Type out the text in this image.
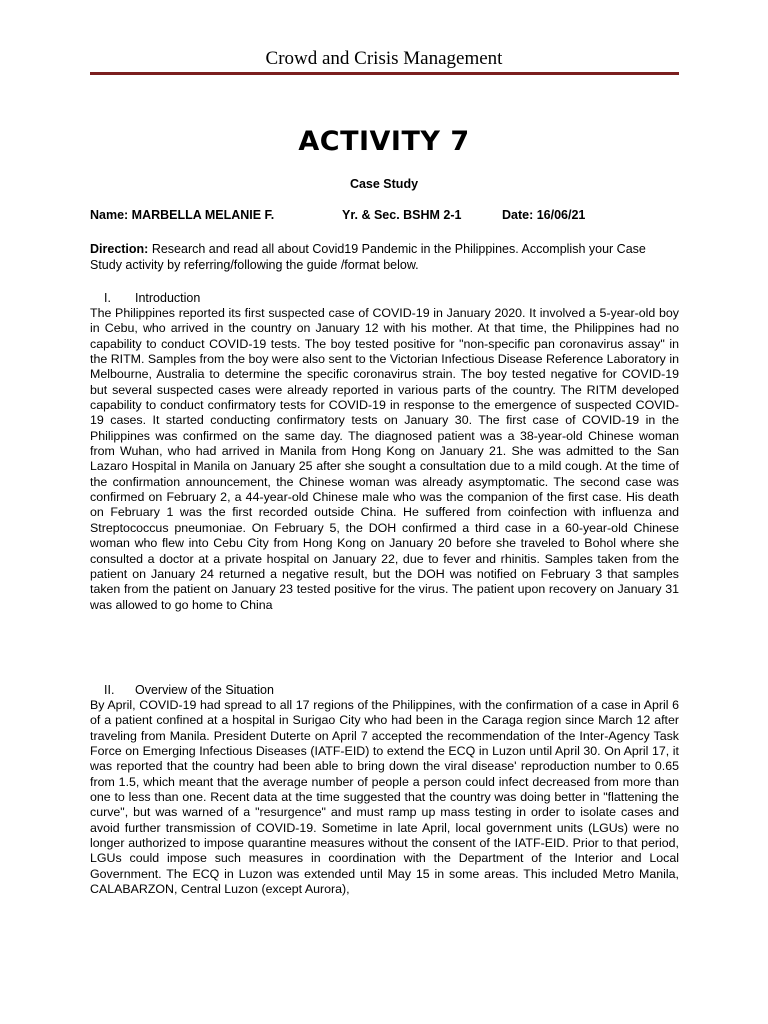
Crowd and Crisis Management
ACTIVITY 7
Case Study
Name: MARBELLA MELANIE F.	Yr. & Sec. BSHM 2-1	Date: 16/06/21
Direction: Research and read all about Covid19 Pandemic in the Philippines. Accomplish your Case Study activity by referring/following the guide /format below.
I. Introduction
The Philippines reported its first suspected case of COVID-19 in January 2020. It involved a 5-year-old boy in Cebu, who arrived in the country on January 12 with his mother. At that time, the Philippines had no capability to conduct COVID-19 tests. The boy tested positive for "non-specific pan coronavirus assay" in the RITM. Samples from the boy were also sent to the Victorian Infectious Disease Reference Laboratory in Melbourne, Australia to determine the specific coronavirus strain. The boy tested negative for COVID-19 but several suspected cases were already reported in various parts of the country. The RITM developed capability to conduct confirmatory tests for COVID-19 in response to the emergence of suspected COVID-19 cases. It started conducting confirmatory tests on January 30. The first case of COVID-19 in the Philippines was confirmed on the same day. The diagnosed patient was a 38-year-old Chinese woman from Wuhan, who had arrived in Manila from Hong Kong on January 21. She was admitted to the San Lazaro Hospital in Manila on January 25 after she sought a consultation due to a mild cough. At the time of the confirmation announcement, the Chinese woman was already asymptomatic. The second case was confirmed on February 2, a 44-year-old Chinese male who was the companion of the first case. His death on February 1 was the first recorded outside China. He suffered from coinfection with influenza and Streptococcus pneumoniae. On February 5, the DOH confirmed a third case in a 60-year-old Chinese woman who flew into Cebu City from Hong Kong on January 20 before she traveled to Bohol where she consulted a doctor at a private hospital on January 22, due to fever and rhinitis. Samples taken from the patient on January 24 returned a negative result, but the DOH was notified on February 3 that samples taken from the patient on January 23 tested positive for the virus. The patient upon recovery on January 31 was allowed to go home to China
II. Overview of the Situation
By April, COVID-19 had spread to all 17 regions of the Philippines, with the confirmation of a case in April 6 of a patient confined at a hospital in Surigao City who had been in the Caraga region since March 12 after traveling from Manila. President Duterte on April 7 accepted the recommendation of the Inter-Agency Task Force on Emerging Infectious Diseases (IATF-EID) to extend the ECQ in Luzon until April 30. On April 17, it was reported that the country had been able to bring down the viral disease' reproduction number to 0.65 from 1.5, which meant that the average number of people a person could infect decreased from more than one to less than one. Recent data at the time suggested that the country was doing better in "flattening the curve", but was warned of a "resurgence" and must ramp up mass testing in order to isolate cases and avoid further transmission of COVID-19. Sometime in late April, local government units (LGUs) were no longer authorized to impose quarantine measures without the consent of the IATF-EID. Prior to that period, LGUs could impose such measures in coordination with the Department of the Interior and Local Government. The ECQ in Luzon was extended until May 15 in some areas. This included Metro Manila, CALABARZON, Central Luzon (except Aurora),
